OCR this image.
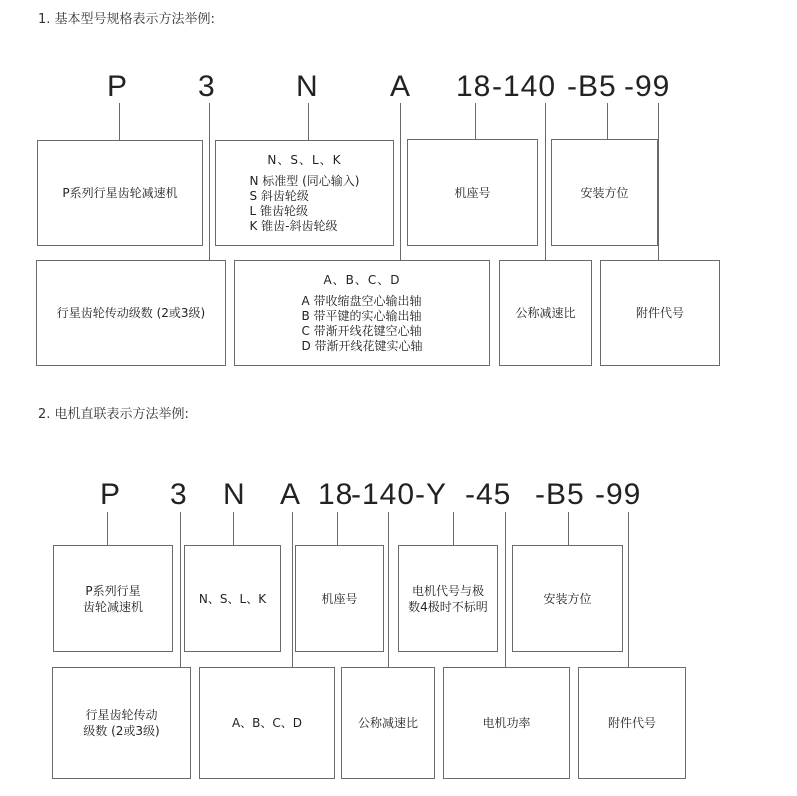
1. 基本型号规格表示方法举例:
P 3	N A 18 -140 -B5 -99
P系列行星齿轮减速机
N、S、L、K
N 标准型 (同心输入)
S 斜齿轮级
L 锥齿轮级
K 锥齿-斜齿轮级
机座号	安装方位
行星齿轮传动级数 (2或3级)
A、B、C、D
A 带收缩盘空心输出轴
B 带平键的实心输出轴
C 带渐开线花键空心轴
D 带渐开线花键实心轴
公称减速比	附件代号
2. 电机直联表示方法举例:
P 3 N A 18
-140 -Y -45 -B5 -99
P系列行星
齿轮减速机
N、S、L、K	机座号
电机代号与极
数4极时不标明
安装方位
行星齿轮传动
级数 (2或3级)
A、B、C、D	公称减速比	电机功率	附件代号
